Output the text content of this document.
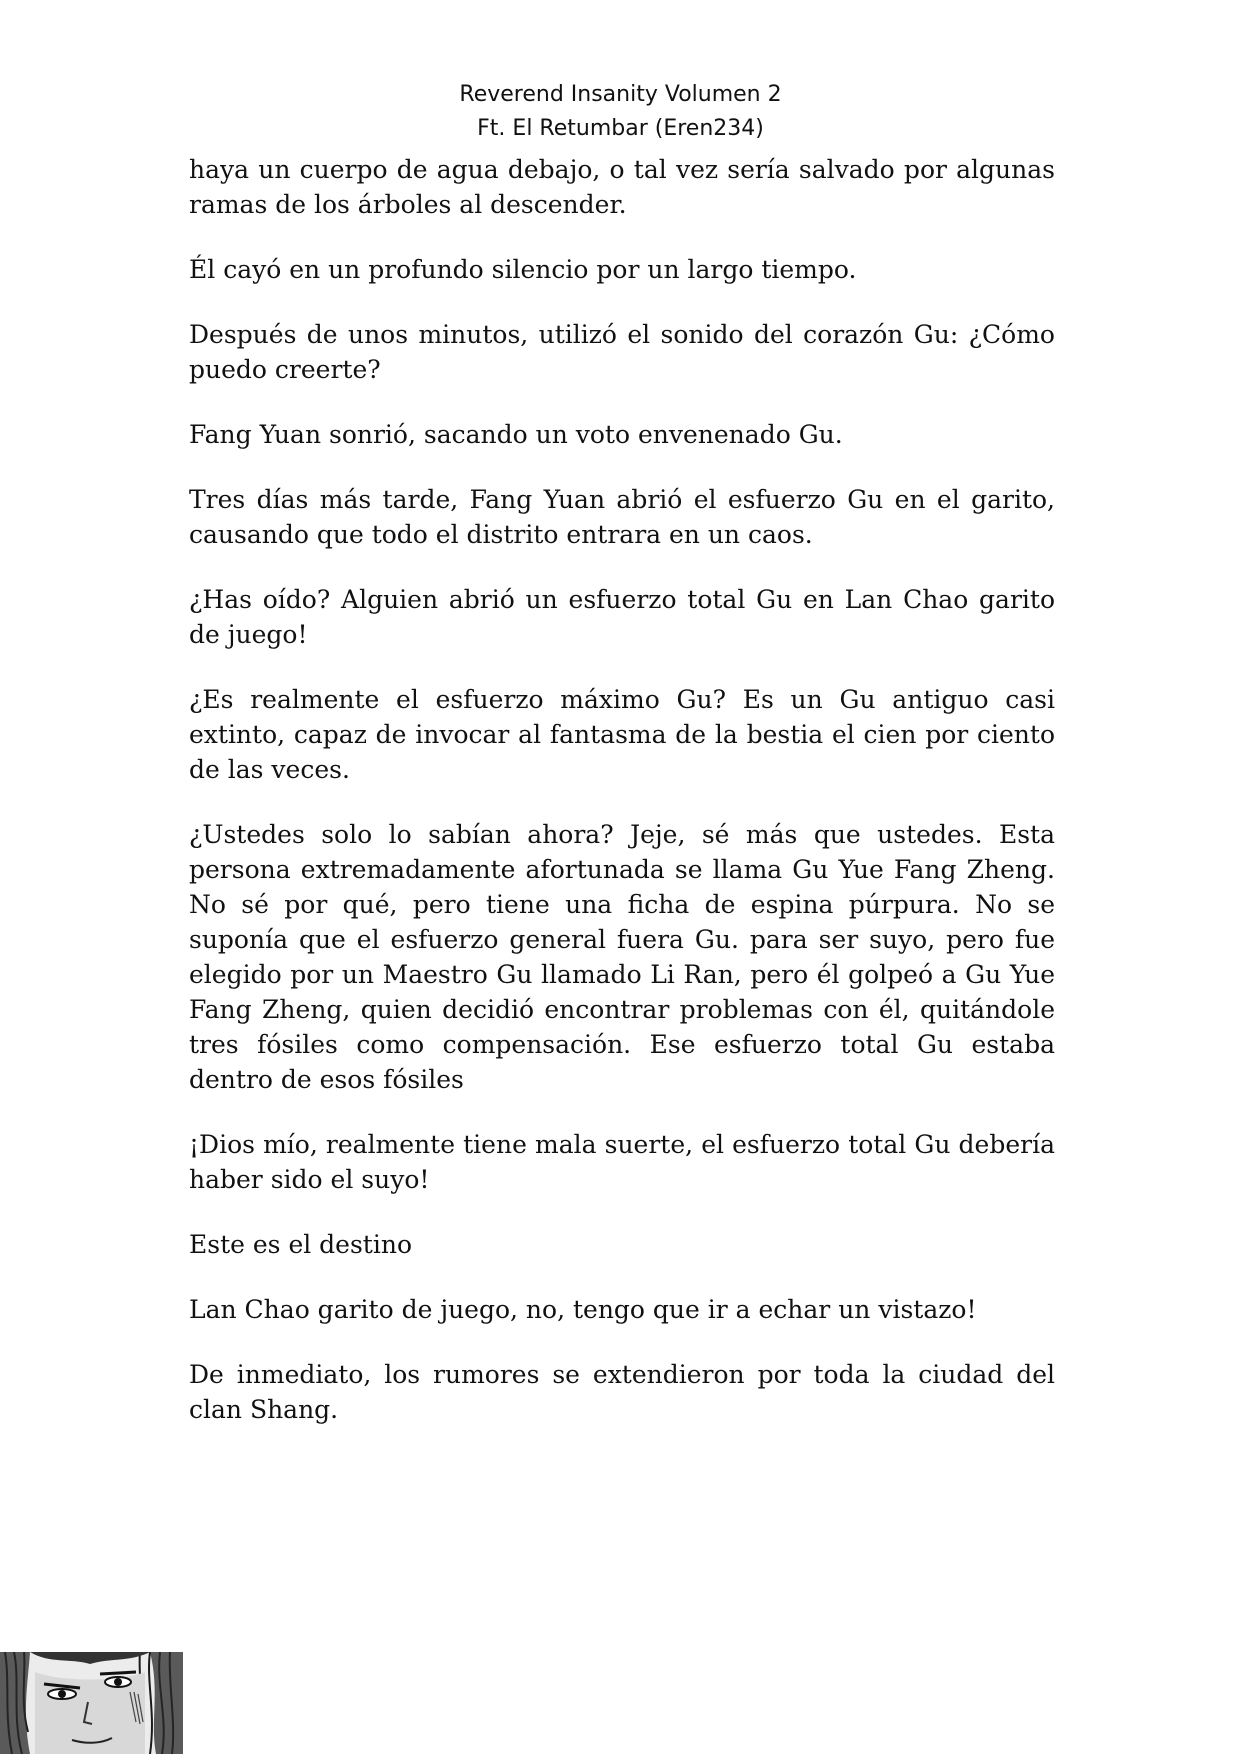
Reverend Insanity Volumen 2
Ft. El Retumbar (Eren234)

haya un cuerpo de agua debajo, o tal vez sería salvado por algunas ramas de los árboles al descender.

Él cayó en un profundo silencio por un largo tiempo.

Después de unos minutos, utilizó el sonido del corazón Gu: ¿Cómo puedo creerte?

Fang Yuan sonrió, sacando un voto envenenado Gu.

Tres días más tarde, Fang Yuan abrió el esfuerzo Gu en el garito, causando que todo el distrito entrara en un caos.

¿Has oído? Alguien abrió un esfuerzo total Gu en Lan Chao garito de juego!

¿Es realmente el esfuerzo máximo Gu? Es un Gu antiguo casi extinto, capaz de invocar al fantasma de la bestia el cien por ciento de las veces.

¿Ustedes solo lo sabían ahora? Jeje, sé más que ustedes. Esta persona extremadamente afortunada se llama Gu Yue Fang Zheng. No sé por qué, pero tiene una ficha de espina púrpura. No se suponía que el esfuerzo general fuera Gu. para ser suyo, pero fue elegido por un Maestro Gu llamado Li Ran, pero él golpeó a Gu Yue Fang Zheng, quien decidió encontrar problemas con él, quitándole tres fósiles como compensación. Ese esfuerzo total Gu estaba dentro de esos fósiles

¡Dios mío, realmente tiene mala suerte, el esfuerzo total Gu debería haber sido el suyo!

Este es el destino

Lan Chao garito de juego, no, tengo que ir a echar un vistazo!

De inmediato, los rumores se extendieron por toda la ciudad del clan Shang.
